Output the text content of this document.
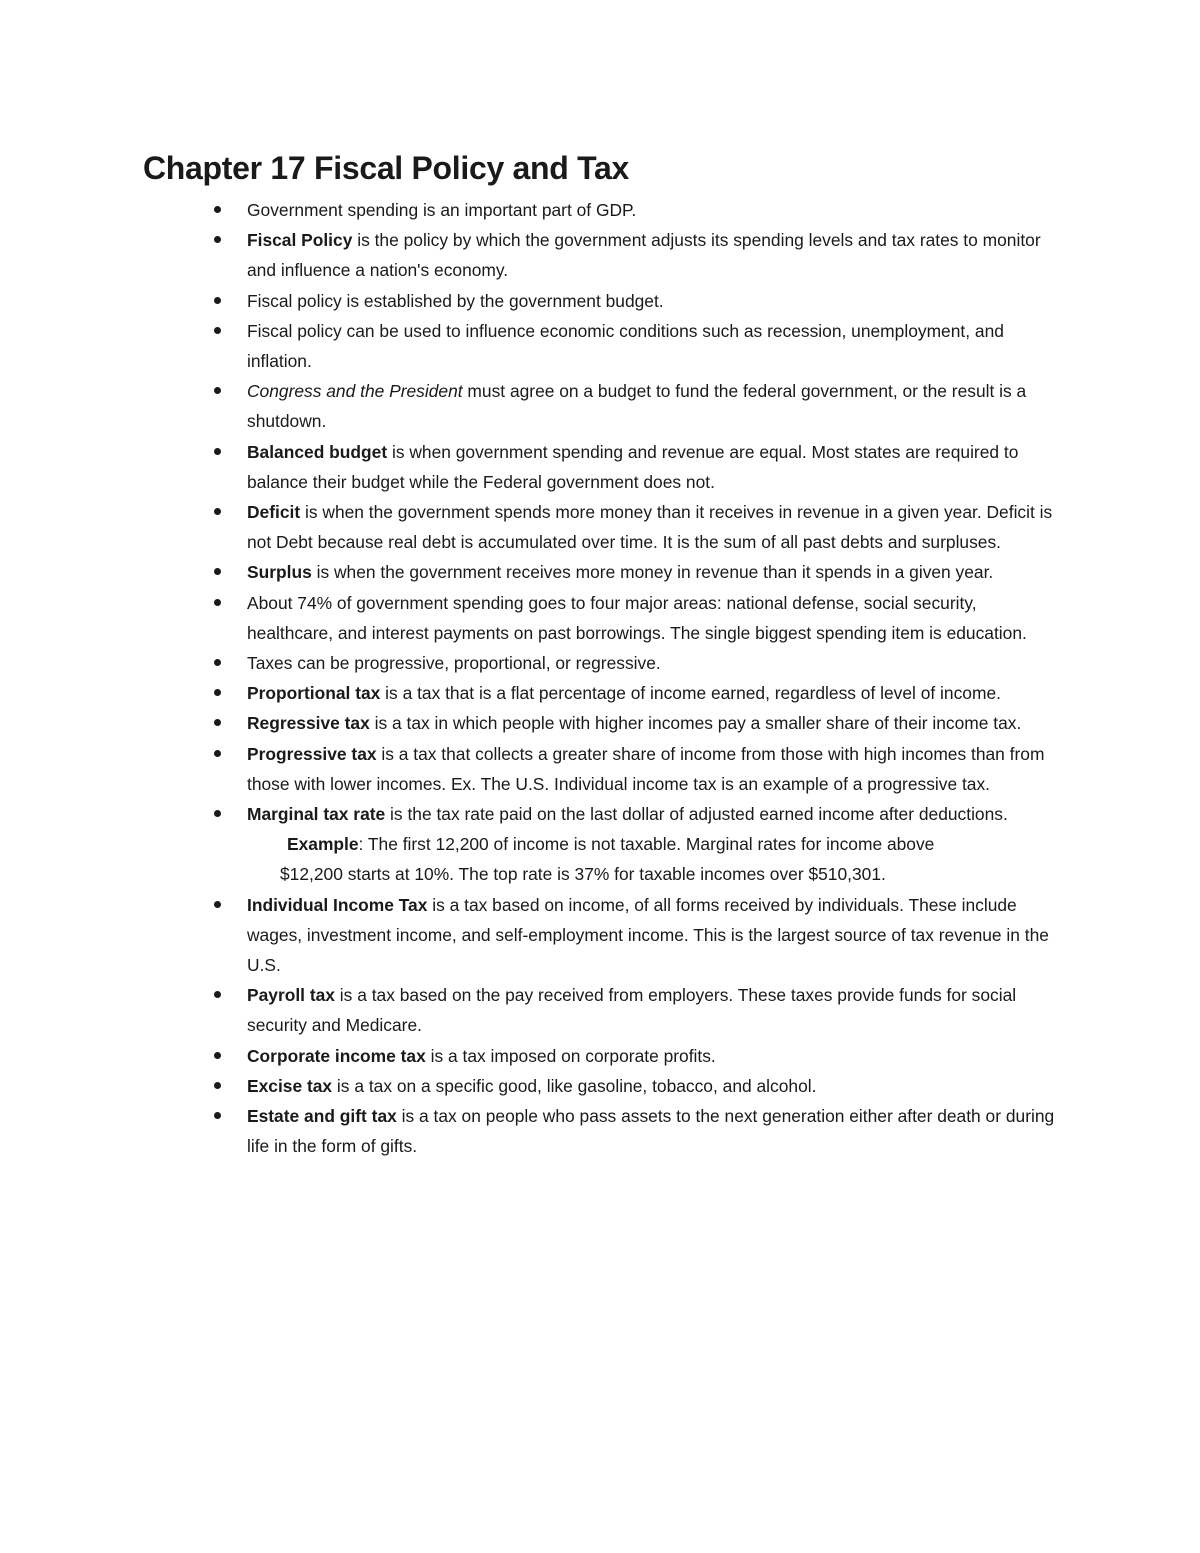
Chapter 17 Fiscal Policy and Tax
Government spending is an important part of GDP.
Fiscal Policy is the policy by which the government adjusts its spending levels and tax rates to monitor and influence a nation's economy.
Fiscal policy is established by the government budget.
Fiscal policy can be used to influence economic conditions such as recession, unemployment, and inflation.
Congress and the President must agree on a budget to fund the federal government, or the result is a shutdown.
Balanced budget is when government spending and revenue are equal. Most states are required to balance their budget while the Federal government does not.
Deficit is when the government spends more money than it receives in revenue in a given year. Deficit is not Debt because real debt is accumulated over time. It is the sum of all past debts and surpluses.
Surplus is when the government receives more money in revenue than it spends in a given year.
About 74% of government spending goes to four major areas: national defense, social security, healthcare, and interest payments on past borrowings. The single biggest spending item is education.
Taxes can be progressive, proportional, or regressive.
Proportional tax is a tax that is a flat percentage of income earned, regardless of level of income.
Regressive tax is a tax in which people with higher incomes pay a smaller share of their income tax.
Progressive tax is a tax that collects a greater share of income from those with high incomes than from those with lower incomes. Ex. The U.S. Individual income tax is an example of a progressive tax.
Marginal tax rate is the tax rate paid on the last dollar of adjusted earned income after deductions.
Example: The first 12,200 of income is not taxable. Marginal rates for income above
$12,200 starts at 10%. The top rate is 37% for taxable incomes over $510,301.
Individual Income Tax is a tax based on income, of all forms received by individuals. These include wages, investment income, and self-employment income. This is the largest source of tax revenue in the U.S.
Payroll tax is a tax based on the pay received from employers. These taxes provide funds for social security and Medicare.
Corporate income tax is a tax imposed on corporate profits.
Excise tax is a tax on a specific good, like gasoline, tobacco, and alcohol.
Estate and gift tax is a tax on people who pass assets to the next generation either after death or during life in the form of gifts.
